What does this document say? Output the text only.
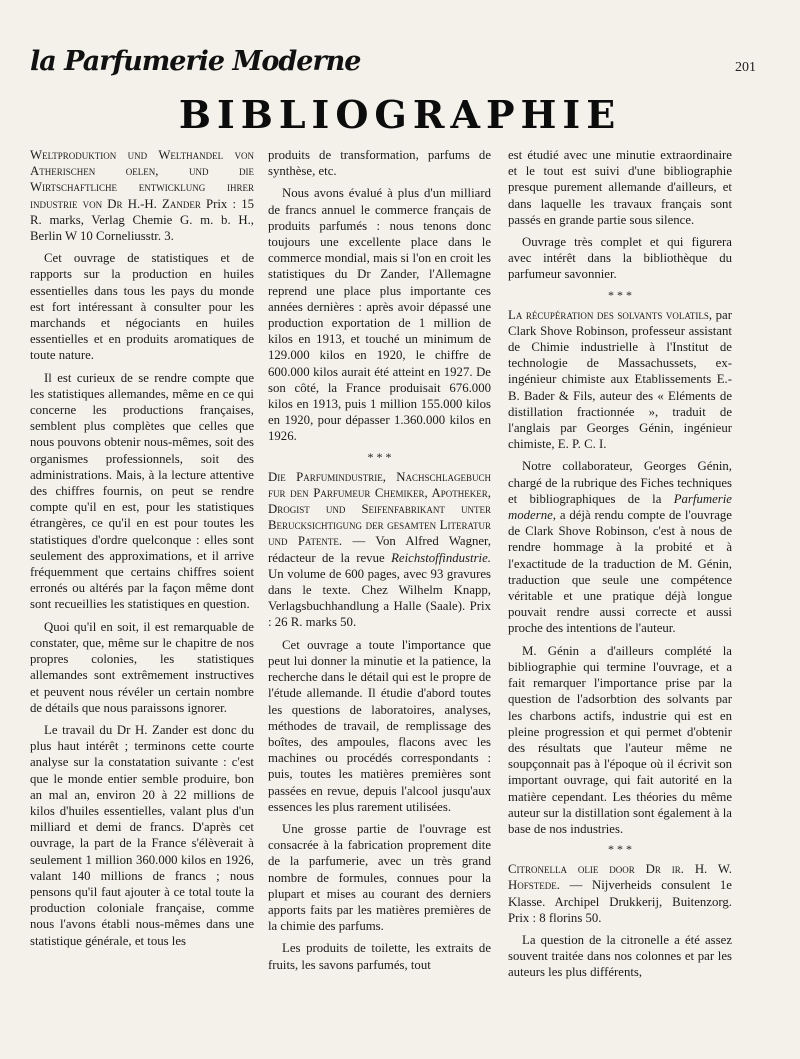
la Parfumerie Moderne	201
BIBLIOGRAPHIE

Weltproduktion und Welthandel von Atherischen oelen, und die Wirtschaftliche entwicklung ihrer industrie von Dr H.-H. Zander Prix : 15 R. marks, Verlag Chemie G. m. b. H., Berlin W 10 Corneliusstr. 3.

Cet ouvrage de statistiques et de rapports sur la production en huiles essentielles dans tous les pays du monde est fort intéressant à consulter pour les marchands et négociants en huiles essentielles et en produits aromatiques de toute nature.

Il est curieux de se rendre compte que les statistiques allemandes, même en ce qui concerne les productions françaises, semblent plus complètes que celles que nous pouvons obtenir nous-mêmes, soit des organismes professionnels, soit des administrations. Mais, à la lecture attentive des chiffres fournis, on peut se rendre compte qu'il en est, pour les statistiques étrangères, ce qu'il en est pour toutes les statistiques d'ordre quelconque : elles sont seulement des approximations, et il arrive fréquemment que certains chiffres soient erronés ou altérés par la façon même dont sont recueillies les statistiques en question.

Quoi qu'il en soit, il est remarquable de constater, que, même sur le chapitre de nos propres colonies, les statistiques allemandes sont extrêmement instructives et peuvent nous révéler un certain nombre de détails que nous paraissons ignorer.

Le travail du Dr H. Zander est donc du plus haut intérêt ; terminons cette courte analyse sur la constatation suivante : c'est que le monde entier semble produire, bon an mal an, environ 20 à 22 millions de kilos d'huiles essentielles, valant plus d'un milliard et demi de francs. D'après cet ouvrage, la part de la France s'élèverait à seulement 1 million 360.000 kilos en 1926, valant 140 millions de francs ; nous pensons qu'il faut ajouter à ce total toute la production coloniale française, comme nous l'avons établi nous-mêmes dans une statistique générale, et tous les

produits de transformation, parfums de synthèse, etc.

Nous avons évalué à plus d'un milliard de francs annuel le commerce français de produits parfumés : nous tenons donc toujours une excellente place dans le commerce mondial, mais si l'on en croit les statistiques du Dr Zander, l'Allemagne reprend une place plus importante ces années dernières : après avoir dépassé une production exportation de 1 million de kilos en 1913, et touché un minimum de 129.000 kilos en 1920, le chiffre de 600.000 kilos aurait été atteint en 1927. De son côté, la France produisait 676.000 kilos en 1913, puis 1 million 155.000 kilos en 1920, pour dépasser 1.360.000 kilos en 1926.

* * *

Die Parfumindustrie, Nachschlagebuch fur den Parfumeur Chemiker, Apotheker, Drogist und Seifenfabrikant unter Berucksichtigung der gesamten Literatur und Patente. — Von Alfred Wagner, rédacteur de la revue Reichstoffindustrie. Un volume de 600 pages, avec 93 gravures dans le texte. Chez Wilhelm Knapp, Verlagsbuchhandlung a Halle (Saale). Prix : 26 R. marks 50.

Cet ouvrage a toute l'importance que peut lui donner la minutie et la patience, la recherche dans le détail qui est le propre de l'étude allemande. Il étudie d'abord toutes les questions de laboratoires, analyses, méthodes de travail, de remplissage des boîtes, des ampoules, flacons avec les machines ou procédés correspondants : puis, toutes les matières premières sont passées en revue, depuis l'alcool jusqu'aux essences les plus rarement utilisées.

Une grosse partie de l'ouvrage est consacrée à la fabrication proprement dite de la parfumerie, avec un très grand nombre de formules, connues pour la plupart et mises au courant des derniers apports faits par les matières premières de la chimie des parfums.

Les produits de toilette, les extraits de fruits, les savons parfumés, tout

est étudié avec une minutie extraordinaire et le tout est suivi d'une bibliographie presque purement allemande d'ailleurs, et dans laquelle les travaux français sont passés en grande partie sous silence.

Ouvrage très complet et qui figurera avec intérêt dans la bibliothèque du parfumeur savonnier.

* * *

La récupération des solvants volatils, par Clark Shove Robinson, professeur assistant de Chimie industrielle à l'Institut de technologie de Massachussets, ex-ingénieur chimiste aux Etablissements E.-B. Bader & Fils, auteur des « Eléments de distillation fractionnée », traduit de l'anglais par Georges Génin, ingénieur chimiste, E. P. C. I.

Notre collaborateur, Georges Génin, chargé de la rubrique des Fiches techniques et bibliographiques de la Parfumerie moderne, a déjà rendu compte de l'ouvrage de Clark Shove Robinson, c'est à nous de rendre hommage à la probité et à l'exactitude de la traduction de M. Génin, traduction que seule une compétence véritable et une pratique déjà longue pouvait rendre aussi correcte et aussi proche des intentions de l'auteur.

M. Génin a d'ailleurs complété la bibliographie qui termine l'ouvrage, et a fait remarquer l'importance prise par la question de l'adsorbtion des solvants par les charbons actifs, industrie qui est en pleine progression et qui permet d'obtenir des résultats que l'auteur même ne soupçonnait pas à l'époque où il écrivit son important ouvrage, qui fait autorité en la matière cependant. Les théories du même auteur sur la distillation sont également à la base de nos industries.

* * *

Citronella olie door Dr ir. H. W. Hofstede. — Nijverheids consulent 1e Klasse. Archipel Drukkerij, Buitenzorg. Prix : 8 florins 50.

La question de la citronelle a été assez souvent traitée dans nos colonnes et par les auteurs les plus différents,
